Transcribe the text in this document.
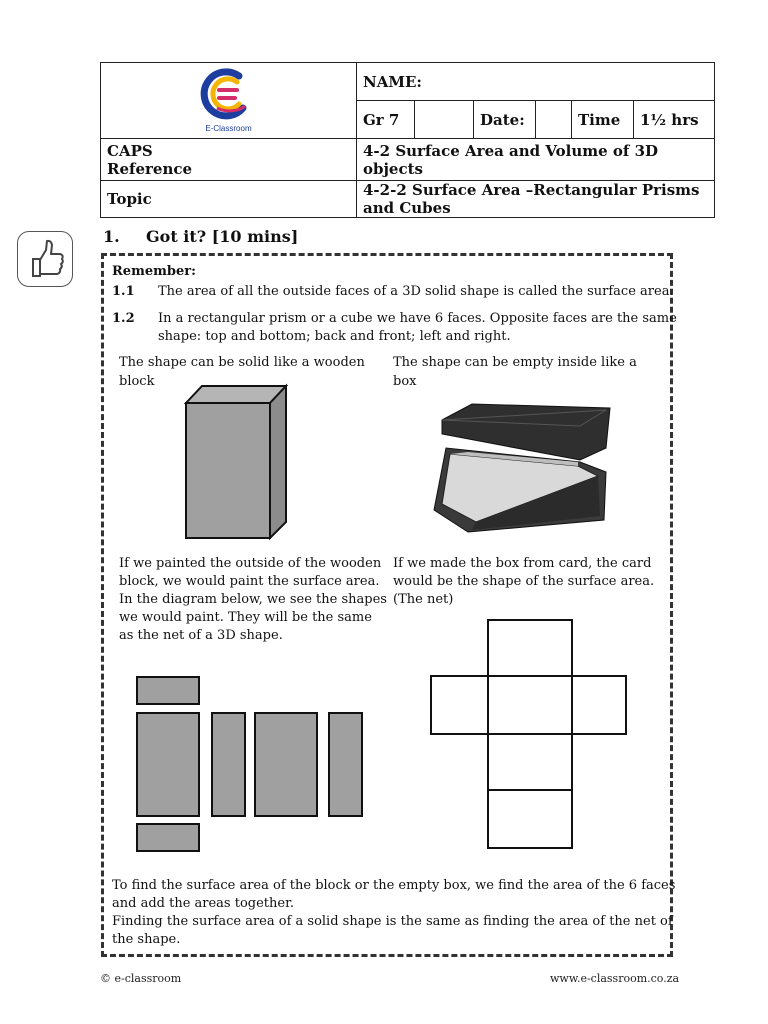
E-Classroom	NAME:					
	Gr 7		Date:		Time	1½ hrs

CAPS Reference	4-2 Surface Area and Volume of 3D objects					
Topic	4-2-2 Surface Area –Rectangular Prisms and Cubes					
1. Got it? [10 mins]
Remember:
1.1 The area of all the outside faces of a 3D solid shape is called the surface area.
1.2 In a rectangular prism or a cube we have 6 faces. Opposite faces are the same
shape: top and bottom; back and front; left and right.
The shape can be solid like a wooden
block
The shape can be empty inside like a
box
If we painted the outside of the wooden
block, we would paint the surface area.
In the diagram below, we see the shapes
we would paint. They will be the same
as the net of a 3D shape.
If we made the box from card, the card
would be the shape of the surface area.
(The net)
To find the surface area of the block or the empty box, we find the area of the 6 faces
and add the areas together.
Finding the surface area of a solid shape is the same as finding the area of the net of
the shape.
© e-classroom	www.e-classroom.co.za
